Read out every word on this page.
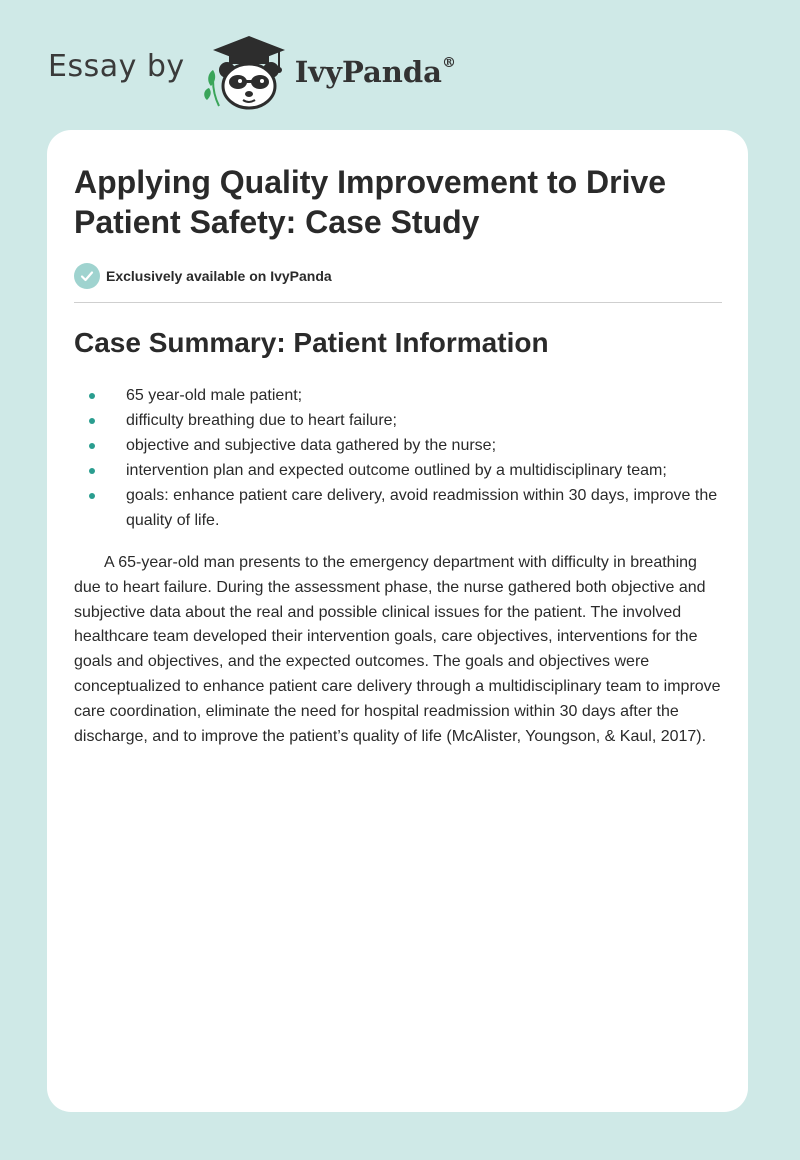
Essay by	IvyPanda®
Applying Quality Improvement to Drive Patient Safety: Case Study
Exclusively available on IvyPanda
Case Summary: Patient Information
65 year-old male patient;
difficulty breathing due to heart failure;
objective and subjective data gathered by the nurse;
intervention plan and expected outcome outlined by a multidisciplinary team;
goals: enhance patient care delivery, avoid readmission within 30 days, improve the quality of life.

A 65-year-old man presents to the emergency department with difficulty in breathing due to heart failure. During the assessment phase, the nurse gathered both objective and subjective data about the real and possible clinical issues for the patient. The involved healthcare team developed their intervention goals, care objectives, interventions for the goals and objectives, and the expected outcomes. The goals and objectives were conceptualized to enhance patient care delivery through a multidisciplinary team to improve care coordination, eliminate the need for hospital readmission within 30 days after the discharge, and to improve the patient’s quality of life (McAlister, Youngson, & Kaul, 2017).
